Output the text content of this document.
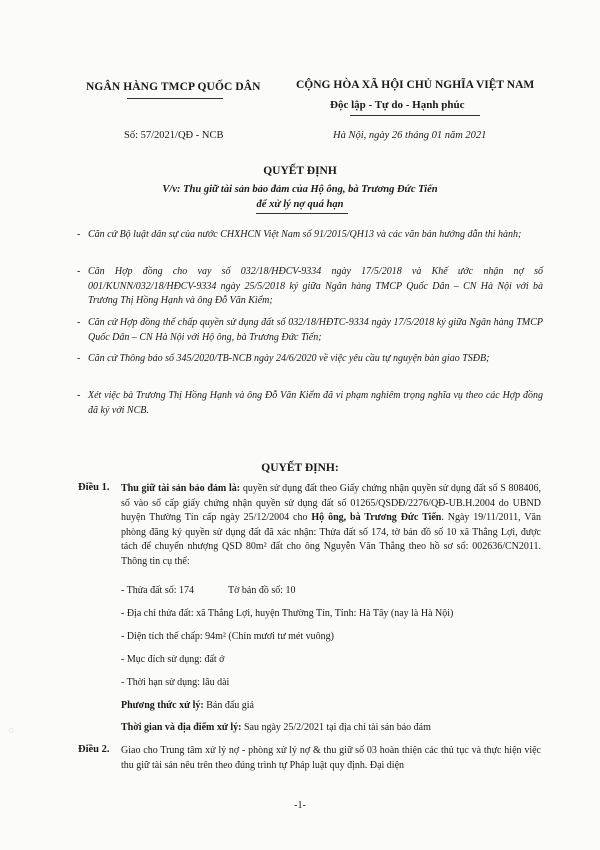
NGÂN HÀNG TMCP QUỐC DÂN	CỘNG HÒA XÃ HỘI CHỦ NGHĨA VIỆT NAM
Độc lập - Tự do - Hạnh phúc
Số: 57/2021/QĐ - NCB	Hà Nội, ngày 26 tháng 01 năm 2021
QUYẾT ĐỊNH
V/v: Thu giữ tài sản bảo đảm của Hộ ông, bà Trương Đức Tiến
để xử lý nợ quá hạn
- Căn cứ Bộ luật dân sự của nước CHXHCN Việt Nam số 91/2015/QH13 và các văn bản hướng dẫn thi hành;
- Căn Hợp đồng cho vay số 032/18/HĐCV-9334 ngày 17/5/2018 và Khế ước nhận nợ số 001/KUNN/032/18/HĐCV-9334 ngày 25/5/2018 ký giữa Ngân hàng TMCP Quốc Dân – CN Hà Nội với bà Trương Thị Hồng Hạnh và ông Đỗ Văn Kiểm;
- Căn cứ Hợp đồng thế chấp quyền sử dụng đất số 032/18/HĐTC-9334 ngày 17/5/2018 ký giữa Ngân hàng TMCP Quốc Dân – CN Hà Nội với Hộ ông, bà Trương Đức Tiến;
- Căn cứ Thông báo số 345/2020/TB-NCB ngày 24/6/2020 về việc yêu cầu tự nguyện bàn giao TSĐB;
- Xét việc bà Trương Thị Hồng Hạnh và ông Đỗ Văn Kiểm đã vi phạm nghiêm trọng nghĩa vụ theo các Hợp đồng đã ký với NCB.
QUYẾT ĐỊNH:
Điều 1. Thu giữ tài sản bảo đảm là: quyền sử dụng đất theo Giấy chứng nhận quyền sử dụng đất số S 808406, số vào sổ cấp giấy chứng nhận quyền sử dụng đất số 01265/QSDĐ/2276/QĐ-UB.H.2004 do UBND huyện Thường Tín cấp ngày 25/12/2004 cho Hộ ông, bà Trương Đức Tiến. Ngày 19/11/2011, Văn phòng đăng ký quyền sử dụng đất đã xác nhận: Thửa đất số 174, tờ bản đồ số 10 xã Thắng Lợi, được tách để chuyển nhượng QSD 80m² đất cho ông Nguyễn Văn Thắng theo hồ sơ số: 002636/CN2011. Thông tin cụ thể:
- Thửa đất số: 174	Tờ bản đồ số: 10
- Địa chỉ thửa đất: xã Thắng Lợi, huyện Thường Tín, Tỉnh: Hà Tây (nay là Hà Nội)
- Diện tích thế chấp: 94m² (Chín mươi tư mét vuông)
- Mục đích sử dụng: đất ở
- Thời hạn sử dụng: lâu dài
Phương thức xử lý: Bán đấu giá
Thời gian và địa điểm xử lý: Sau ngày 25/2/2021 tại địa chỉ tài sản bảo đảm
Điều 2. Giao cho Trung tâm xử lý nợ - phòng xử lý nợ & thu giữ số 03 hoàn thiện các thủ tục và thực hiện việc thu giữ tài sản nêu trên theo đúng trình tự Pháp luật quy định. Đại diện
-1-
◌
